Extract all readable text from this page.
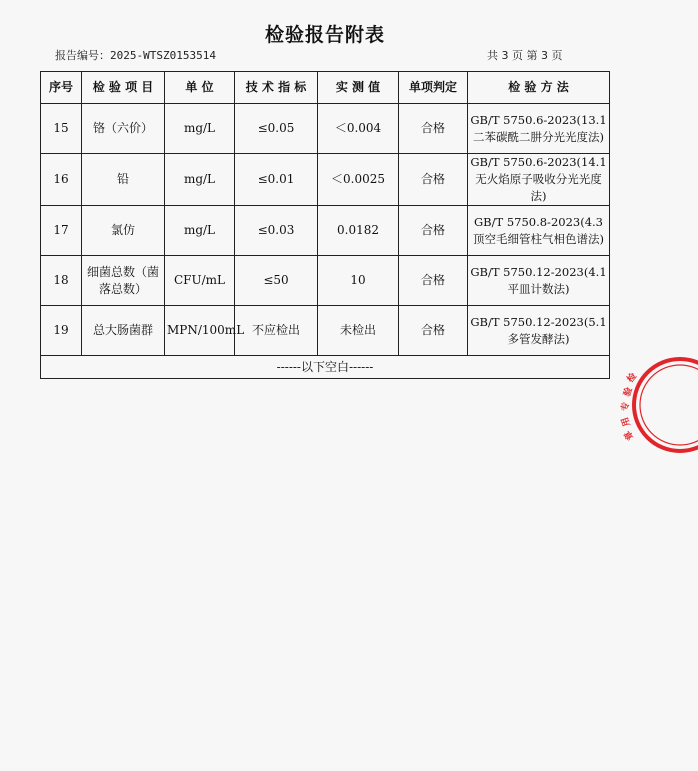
检验报告附表
报告编号：2025-WTSZ0153514	共 3 页 第 3 页
序号	检 验 项 目	单 位	技 术 指 标	实 测 值	单项判定	检 验 方 法
15	铬（六价）	mg/L	≤0.05	＜0.004	合格	GB/T 5750.6-2023(13.1 二苯碳酰二肼分光光度法)
16	铅	mg/L	≤0.01	＜0.0025	合格	GB/T 5750.6-2023(14.1 无火焰原子吸收分光光度法)
17	氯仿	mg/L	≤0.03	0.0182	合格	GB/T 5750.8-2023(4.3 顶空毛细管柱气相色谱法)
18	细菌总数（菌落总数）	CFU/mL	≤50	10	合格	GB/T 5750.12-2023(4.1 平皿计数法)
19	总大肠菌群	MPN/100mL	不应检出	未检出	合格	GB/T 5750.12-2023(5.1 多管发酵法)
------以下空白------						
检
验
专
用
章
